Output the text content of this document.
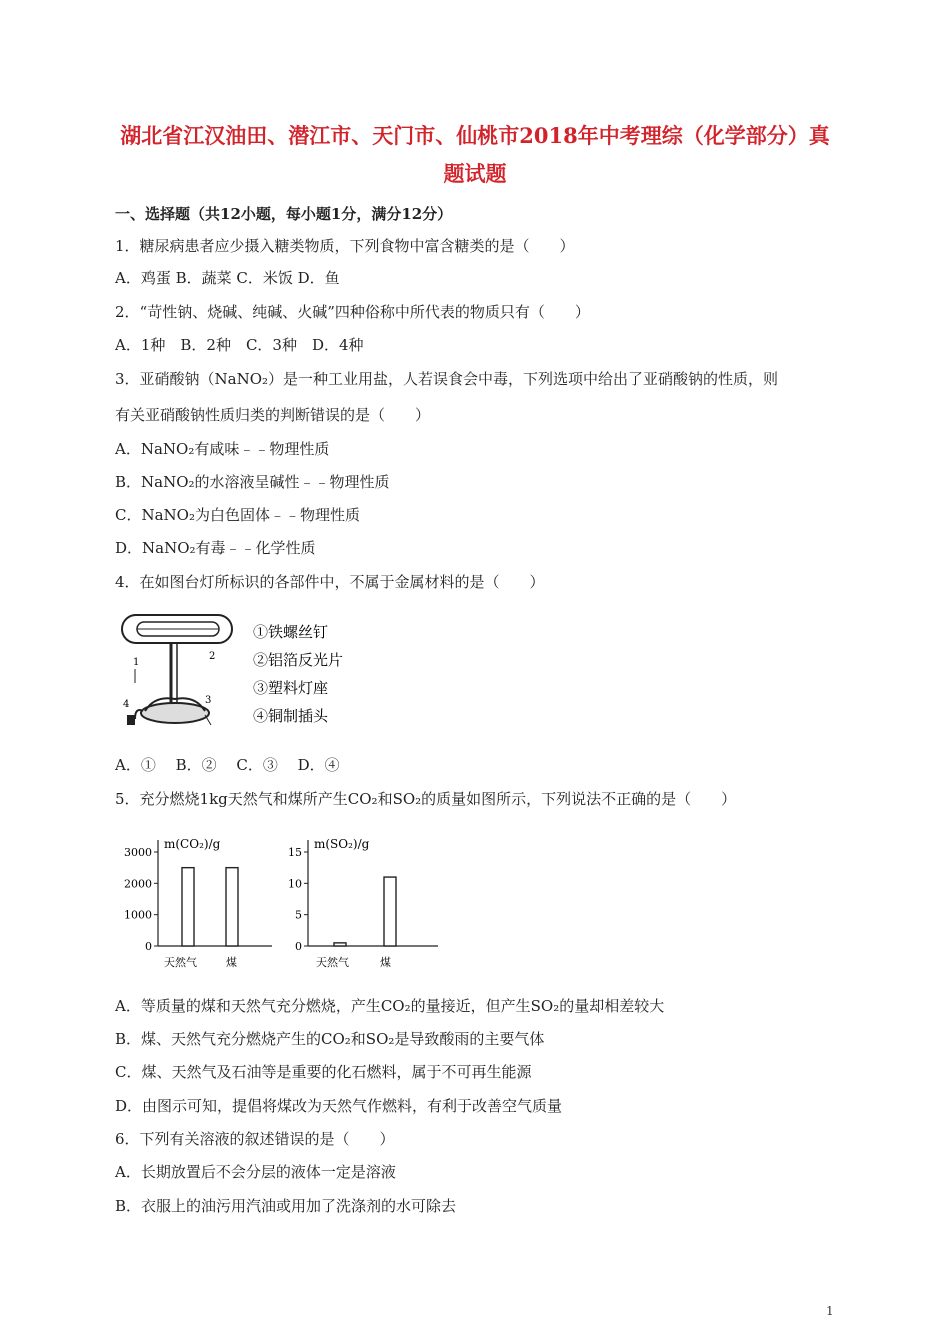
湖北省江汉油田、潜江市、天门市、仙桃市2018年中考理综（化学部分）真
题试题
一、选择题（共12小题，每小题1分，满分12分）
1．糖尿病患者应少摄入糖类物质，下列食物中富含糖类的是（　　）
A．鸡蛋 B．蔬菜 C．米饭 D．鱼
2．“苛性钠、烧碱、纯碱、火碱”四种俗称中所代表的物质只有（　　）
A．1种　B．2种　C．3种　D．4种
3．亚硝酸钠（NaNO₂）是一种工业用盐，人若误食会中毒，下列选项中给出了亚硝酸钠的性质，则
有关亚硝酸钠性质归类的判断错误的是（　　）
A．NaNO₂有咸味﹣﹣物理性质
B．NaNO₂的水溶液呈碱性﹣﹣物理性质
C．NaNO₂为白色固体﹣﹣物理性质
D．NaNO₂有毒﹣﹣化学性质
4．在如图台灯所标识的各部件中，不属于金属材料的是（　　）
1
2
3
4
①铁螺丝钉
②铝箔反光片
③塑料灯座
④铜制插头
A．①　 B．②　 C．③　 D．④
5．充分燃烧1kg天然气和煤所产生CO₂和SO₂的质量如图所示，下列说法不正确的是（　　）
m(CO₂)/g
0
1000
2000
3000
天然气	煤
m(SO₂)/g
0
5
10
15
天然气	煤
A．等质量的煤和天然气充分燃烧，产生CO₂的量接近，但产生SO₂的量却相差较大
B．煤、天然气充分燃烧产生的CO₂和SO₂是导致酸雨的主要气体
C．煤、天然气及石油等是重要的化石燃料，属于不可再生能源
D．由图示可知，提倡将煤改为天然气作燃料，有利于改善空气质量
6．下列有关溶液的叙述错误的是（　　）
A．长期放置后不会分层的液体一定是溶液
B．衣服上的油污用汽油或用加了洗涤剂的水可除去
1
